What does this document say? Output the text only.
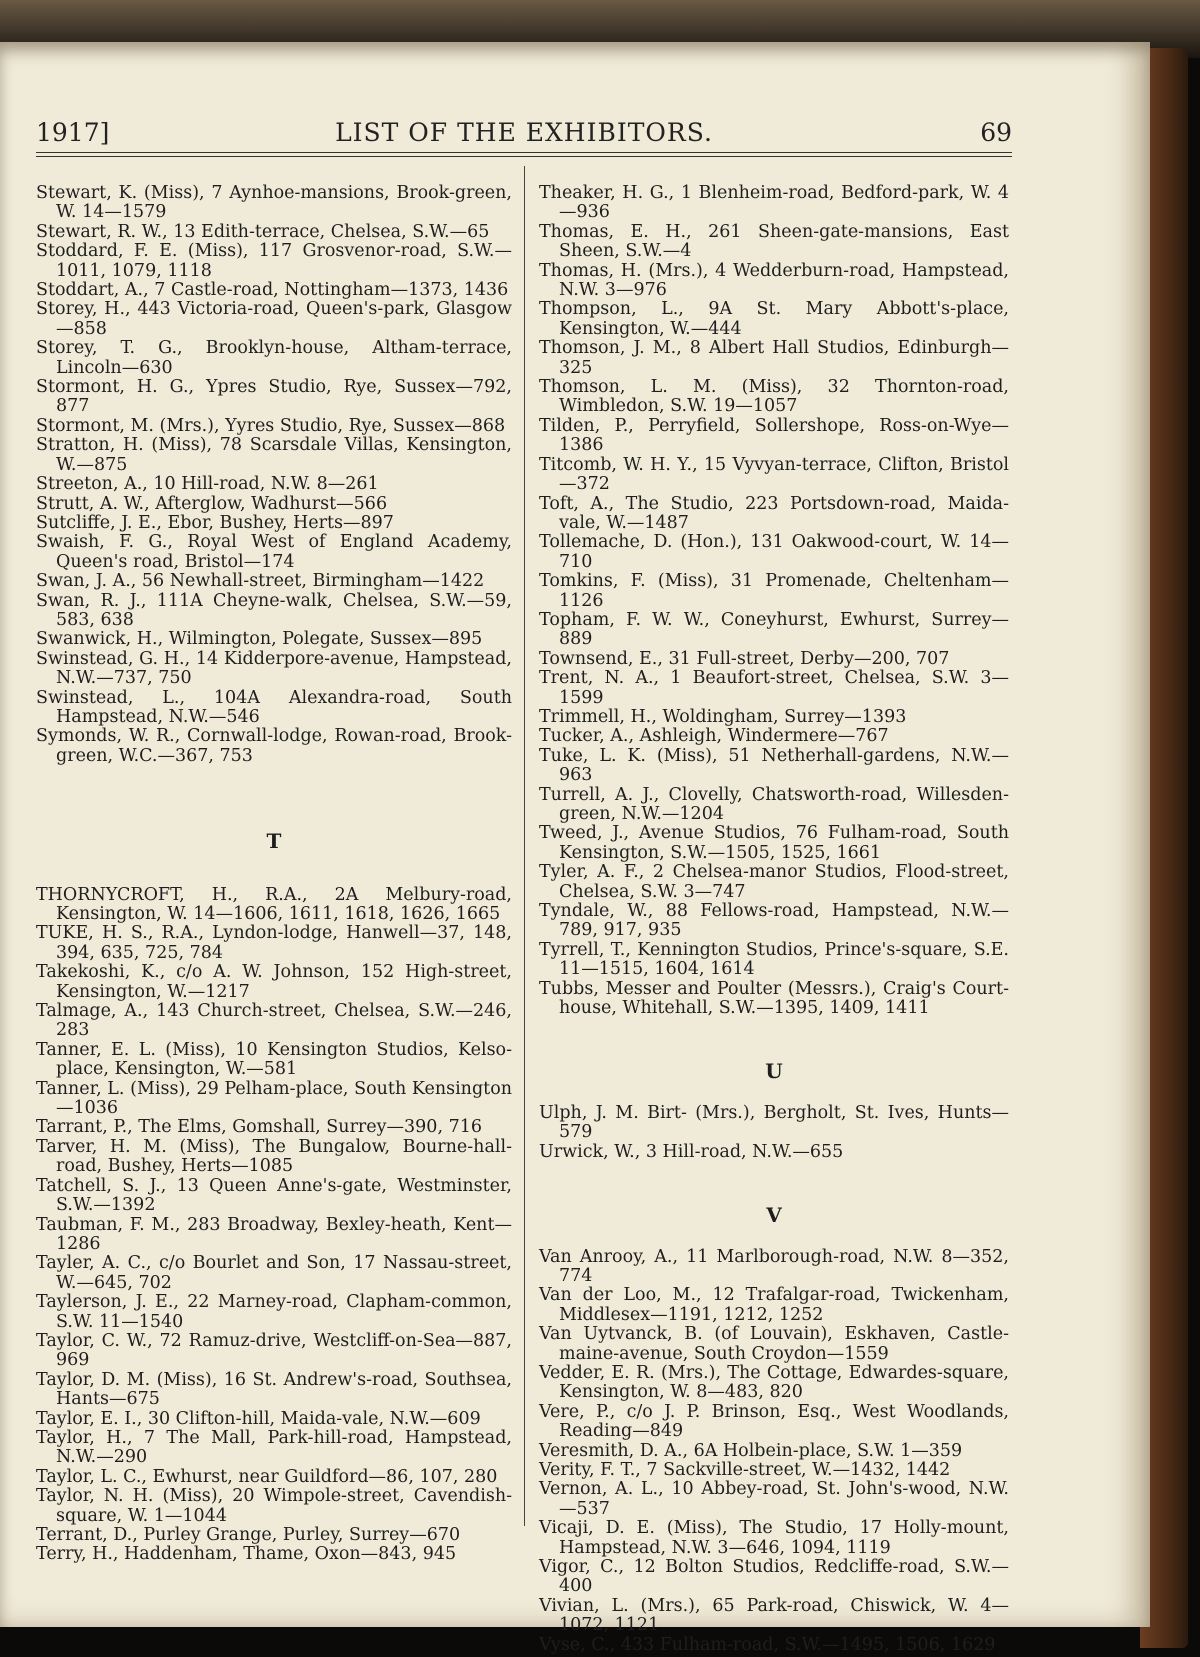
1917]	LIST OF THE EXHIBITORS.	69

Stewart, K. (Miss), 7 Aynhoe-mansions, Brook-green, W. 14—1579

Stewart, R. W., 13 Edith-terrace, Chelsea, S.W.—65

Stoddard, F. E. (Miss), 117 Grosvenor-road, S.W.—1011, 1079, 1118

Stoddart, A., 7 Castle-road, Nottingham—1373, 1436

Storey, H., 443 Victoria-road, Queen's-park, Glasgow—858

Storey, T. G., Brooklyn-house, Altham-terrace, Lincoln—630

Stormont, H. G., Ypres Studio, Rye, Sussex—792, 877

Stormont, M. (Mrs.), Yyres Studio, Rye, Sussex—868

Stratton, H. (Miss), 78 Scarsdale Villas, Kensington, W.—875

Streeton, A., 10 Hill-road, N.W. 8—261

Strutt, A. W., Afterglow, Wadhurst—566

Sutcliffe, J. E., Ebor, Bushey, Herts—897

Swaish, F. G., Royal West of England Academy, Queen's road, Bristol—174

Swan, J. A., 56 Newhall-street, Birmingham—1422

Swan, R. J., 111A Cheyne-walk, Chelsea, S.W.—59, 583, 638

Swanwick, H., Wilmington, Polegate, Sussex—895

Swinstead, G. H., 14 Kidderpore-avenue, Hampstead, N.W.—737, 750

Swinstead, L., 104A Alexandra-road, South Hampstead, N.W.—546

Symonds, W. R., Cornwall-lodge, Rowan-road, Brook-green, W.C.—367, 753

T

THORNYCROFT, H., R.A., 2A Melbury-road, Kensington, W. 14—1606, 1611, 1618, 1626, 1665

TUKE, H. S., R.A., Lyndon-lodge, Hanwell—37, 148, 394, 635, 725, 784

Takekoshi, K., c/o A. W. Johnson, 152 High-street, Kensington, W.—1217

Talmage, A., 143 Church-street, Chelsea, S.W.—246, 283

Tanner, E. L. (Miss), 10 Kensington Studios, Kelso-place, Kensington, W.—581

Tanner, L. (Miss), 29 Pelham-place, South Kensington—1036

Tarrant, P., The Elms, Gomshall, Surrey—390, 716

Tarver, H. M. (Miss), The Bungalow, Bourne-hall-road, Bushey, Herts—1085

Tatchell, S. J., 13 Queen Anne's-gate, Westminster, S.W.—1392

Taubman, F. M., 283 Broadway, Bexley-heath, Kent—1286

Tayler, A. C., c/o Bourlet and Son, 17 Nassau-street, W.—645, 702

Taylerson, J. E., 22 Marney-road, Clapham-common, S.W. 11—1540

Taylor, C. W., 72 Ramuz-drive, Westcliff-on-Sea—887, 969

Taylor, D. M. (Miss), 16 St. Andrew's-road, Southsea, Hants—675

Taylor, E. I., 30 Clifton-hill, Maida-vale, N.W.—609

Taylor, H., 7 The Mall, Park-hill-road, Hampstead, N.W.—290

Taylor, L. C., Ewhurst, near Guildford—86, 107, 280

Taylor, N. H. (Miss), 20 Wimpole-street, Cavendish-square, W. 1—1044

Terrant, D., Purley Grange, Purley, Surrey—670

Terry, H., Haddenham, Thame, Oxon—843, 945

Theaker, H. G., 1 Blenheim-road, Bedford-park, W. 4—936

Thomas, E. H., 261 Sheen-gate-mansions, East Sheen, S.W.—4

Thomas, H. (Mrs.), 4 Wedderburn-road, Hampstead, N.W. 3—976

Thompson, L., 9A St. Mary Abbott's-place, Kensington, W.—444

Thomson, J. M., 8 Albert Hall Studios, Edinburgh—325

Thomson, L. M. (Miss), 32 Thornton-road, Wimbledon, S.W. 19—1057

Tilden, P., Perryfield, Sollershope, Ross-on-Wye—1386

Titcomb, W. H. Y., 15 Vyvyan-terrace, Clifton, Bristol—372

Toft, A., The Studio, 223 Portsdown-road, Maida-vale, W.—1487

Tollemache, D. (Hon.), 131 Oakwood-court, W. 14—710

Tomkins, F. (Miss), 31 Promenade, Cheltenham—1126

Topham, F. W. W., Coneyhurst, Ewhurst, Surrey—889

Townsend, E., 31 Full-street, Derby—200, 707

Trent, N. A., 1 Beaufort-street, Chelsea, S.W. 3—1599

Trimmell, H., Woldingham, Surrey—1393

Tucker, A., Ashleigh, Windermere—767

Tuke, L. K. (Miss), 51 Netherhall-gardens, N.W.—963

Turrell, A. J., Clovelly, Chatsworth-road, Willesden-green, N.W.—1204

Tweed, J., Avenue Studios, 76 Fulham-road, South Kensington, S.W.—1505, 1525, 1661

Tyler, A. F., 2 Chelsea-manor Studios, Flood-street, Chelsea, S.W. 3—747

Tyndale, W., 88 Fellows-road, Hampstead, N.W.—789, 917, 935

Tyrrell, T., Kennington Studios, Prince's-square, S.E. 11—1515, 1604, 1614

Tubbs, Messer and Poulter (Messrs.), Craig's Court-house, Whitehall, S.W.—1395, 1409, 1411

U

Ulph, J. M. Birt- (Mrs.), Bergholt, St. Ives, Hunts—579

Urwick, W., 3 Hill-road, N.W.—655

V

Van Anrooy, A., 11 Marlborough-road, N.W. 8—352, 774

Van der Loo, M., 12 Trafalgar-road, Twickenham, Middlesex—1191, 1212, 1252

Van Uytvanck, B. (of Louvain), Eskhaven, Castle-maine-avenue, South Croydon—1559

Vedder, E. R. (Mrs.), The Cottage, Edwardes-square, Kensington, W. 8—483, 820

Vere, P., c/o J. P. Brinson, Esq., West Woodlands, Reading—849

Veresmith, D. A., 6A Holbein-place, S.W. 1—359

Verity, F. T., 7 Sackville-street, W.—1432, 1442

Vernon, A. L., 10 Abbey-road, St. John's-wood, N.W.—537

Vicaji, D. E. (Miss), The Studio, 17 Holly-mount, Hampstead, N.W. 3—646, 1094, 1119

Vigor, C., 12 Bolton Studios, Redcliffe-road, S.W.—400

Vivian, L. (Mrs.), 65 Park-road, Chiswick, W. 4—1072, 1121

Vyse, C., 433 Fulham-road, S.W.—1495, 1506, 1629
